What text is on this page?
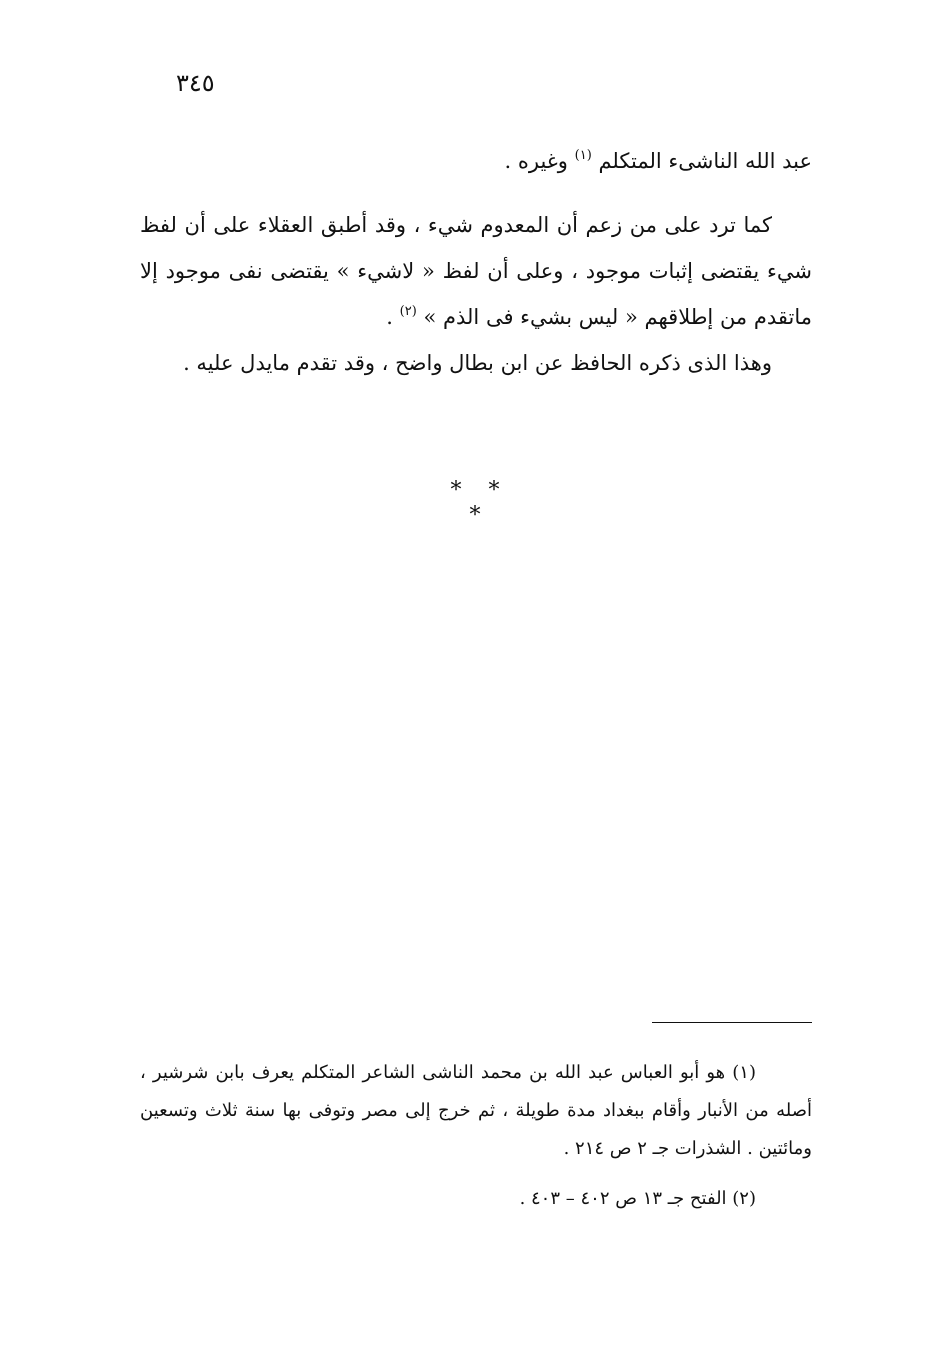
٣٤٥

عبد الله الناشىء المتكلم $^{(١)}$ وغيره .

كما ترد على من زعم أن المعدوم شيء ، وقد أطبق العقلاء على أن لفظ شيء يقتضى إثبات موجود ، وعلى أن لفظ « لاشيء » يقتضى نفى موجود إلا ماتقدم من إطلاقهم « ليس بشيء فى الذم » $^{(٢)}$ .

وهذا الذى ذكره الحافظ عن ابن بطال واضح ، وقد تقدم مايدل عليه .

* * *

(١) هو أبو العباس عبد الله بن محمد الناشى الشاعر المتكلم يعرف بابن شرشير ، أصله من الأنبار وأقام ببغداد مدة طويلة ، ثم خرج إلى مصر وتوفى بها سنة ثلاث وتسعين ومائتين . الشذرات جـ ٢ ص ٢١٤ .

(٢) الفتح جـ ١٣ ص ٤٠٢ – ٤٠٣ .
